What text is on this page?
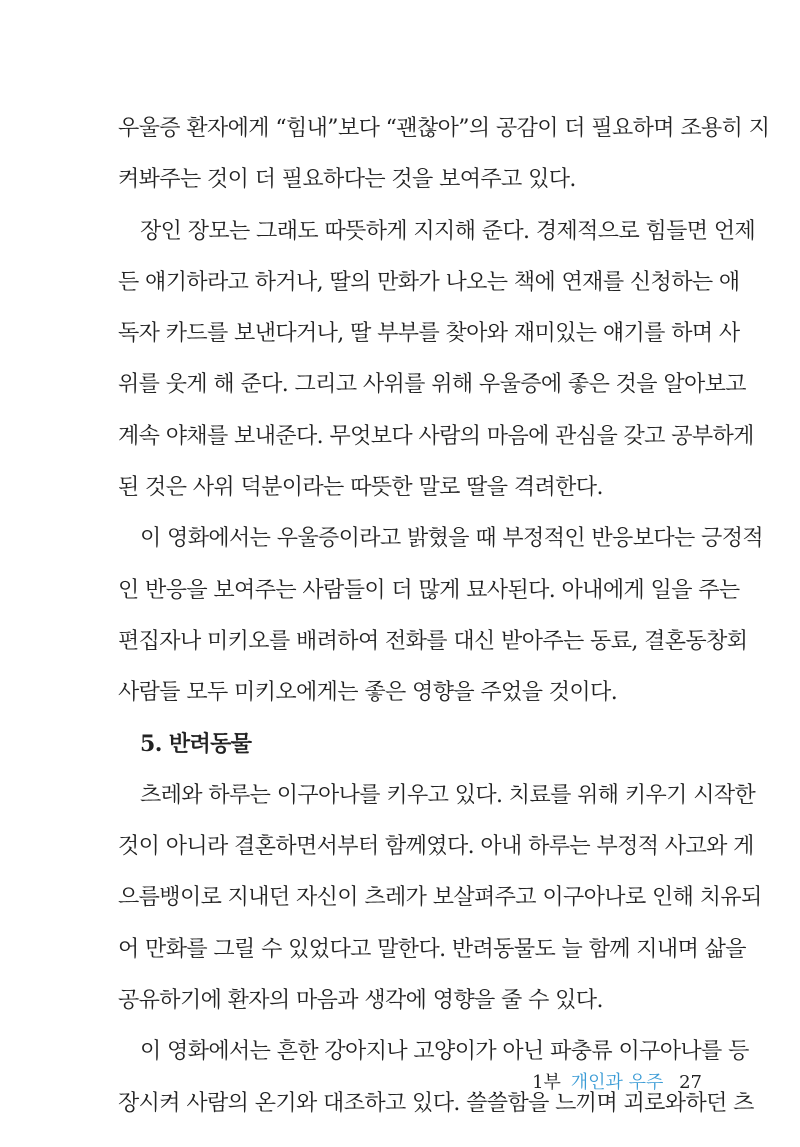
우울증 환자에게 “힘내”보다 “괜찮아”의 공감이 더 필요하며 조용히 지
켜봐주는 것이 더 필요하다는 것을 보여주고 있다.
장인 장모는 그래도 따뜻하게 지지해 준다. 경제적으로 힘들면 언제
든 얘기하라고 하거나, 딸의 만화가 나오는 책에 연재를 신청하는 애
독자 카드를 보낸다거나, 딸 부부를 찾아와 재미있는 얘기를 하며 사
위를 웃게 해 준다. 그리고 사위를 위해 우울증에 좋은 것을 알아보고
계속 야채를 보내준다. 무엇보다 사람의 마음에 관심을 갖고 공부하게
된 것은 사위 덕분이라는 따뜻한 말로 딸을 격려한다.
이 영화에서는 우울증이라고 밝혔을 때 부정적인 반응보다는 긍정적
인 반응을 보여주는 사람들이 더 많게 묘사된다. 아내에게 일을 주는
편집자나 미키오를 배려하여 전화를 대신 받아주는 동료, 결혼동창회
사람들 모두 미키오에게는 좋은 영향을 주었을 것이다.
5. 반려동물
츠레와 하루는 이구아나를 키우고 있다. 치료를 위해 키우기 시작한
것이 아니라 결혼하면서부터 함께였다. 아내 하루는 부정적 사고와 게
으름뱅이로 지내던 자신이 츠레가 보살펴주고 이구아나로 인해 치유되
어 만화를 그릴 수 있었다고 말한다. 반려동물도 늘 함께 지내며 삶을
공유하기에 환자의 마음과 생각에 영향을 줄 수 있다.
이 영화에서는 흔한 강아지나 고양이가 아닌 파충류 이구아나를 등
장시켜 사람의 온기와 대조하고 있다. 쓸쓸함을 느끼며 괴로와하던 츠
1부 개인과 우주 27
